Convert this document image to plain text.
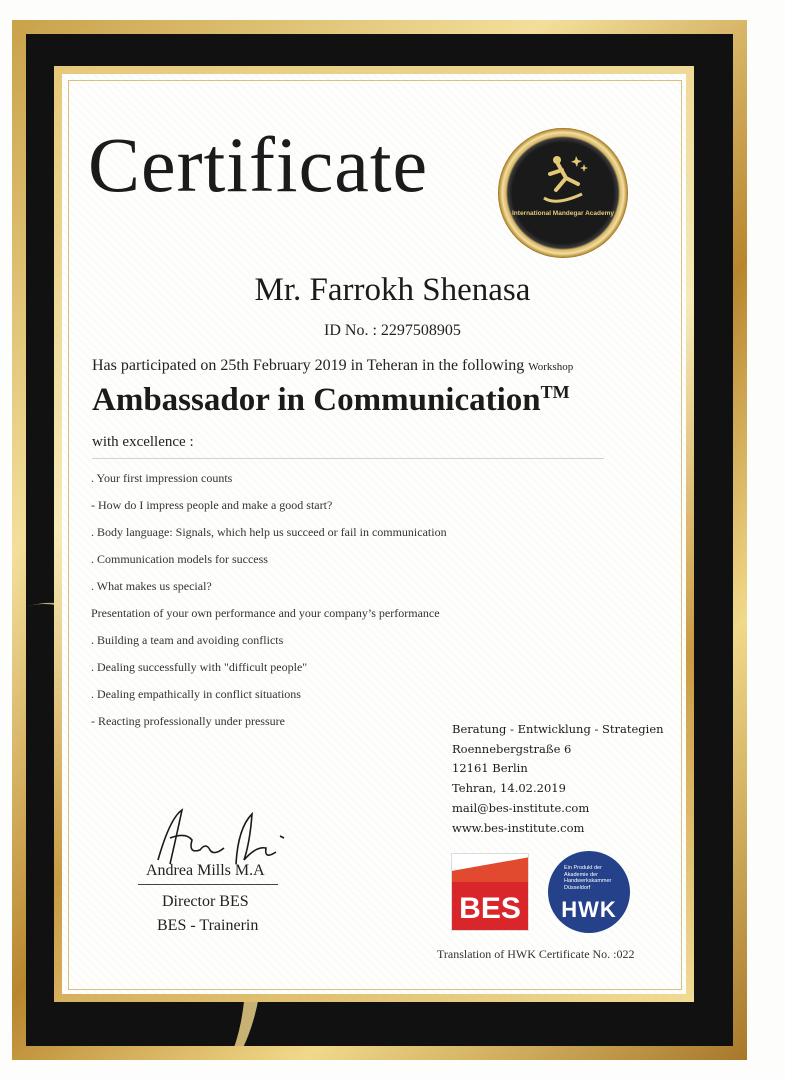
Certificate
International Mandegar Academy
Mr. Farrokh Shenasa
ID No. : 2297508905
Has participated on 25th February 2019 in Teheran in the following Workshop
Ambassador in Communication™
with excellence :
. Your first impression counts
- How do I impress people and make a good start?
. Body language: Signals, which help us succeed or fail in communication
. Communication models for success
. What makes us special?
Presentation of your own performance and your company’s performance
. Building a team and avoiding conflicts
. Dealing successfully with "difficult people"
. Dealing empathically in conflict situations
- Reacting professionally under pressure
Beratung - Entwicklung - Strategien
Roennebergstraße 6
12161 Berlin
Tehran, 14.02.2019
mail@bes-institute.com
www.bes-institute.com
Andrea Mills M.A
Director BES
BES - Trainerin
BES
Ein Produkt der Akademie der Handwerkskammer Düsseldorf
HWK
Translation of HWK Certificate No. :022
